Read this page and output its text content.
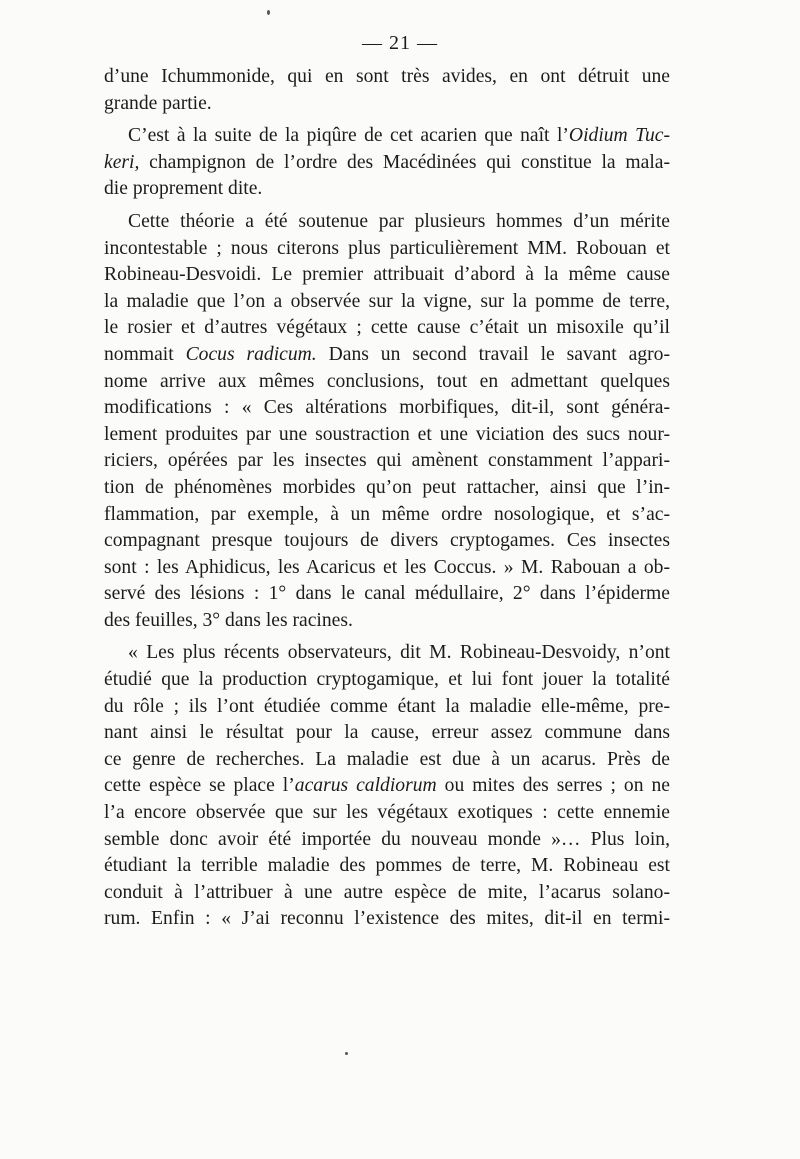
— 21 —

d’une Ichummonide, qui en sont très avides, en ont détruit une
grande partie.

C’est à la suite de la piqûre de cet acarien que naît l’Oidium Tuc-
keri, champignon de l’ordre des Macédinées qui constitue la mala-
die proprement dite.

Cette théorie a été soutenue par plusieurs hommes d’un mérite
incontestable ; nous citerons plus particulièrement MM. Robouan et
Robineau-Desvoidi. Le premier attribuait d’abord à la même cause
la maladie que l’on a observée sur la vigne, sur la pomme de terre,
le rosier et d’autres végétaux ; cette cause c’était un misoxile qu’il
nommait Cocus radicum. Dans un second travail le savant agro-
nome arrive aux mêmes conclusions, tout en admettant quelques
modifications : « Ces altérations morbifiques, dit-il, sont généra-
lement produites par une soustraction et une viciation des sucs nour-
riciers, opérées par les insectes qui amènent constamment l’appari-
tion de phénomènes morbides qu’on peut rattacher, ainsi que l’in-
flammation, par exemple, à un même ordre nosologique, et s’ac-
compagnant presque toujours de divers cryptogames. Ces insectes
sont : les Aphidicus, les Acaricus et les Coccus. » M. Rabouan a ob-
servé des lésions : 1° dans le canal médullaire, 2° dans l’épiderme
des feuilles, 3° dans les racines.

« Les plus récents observateurs, dit M. Robineau-Desvoidy, n’ont
étudié que la production cryptogamique, et lui font jouer la totalité
du rôle ; ils l’ont étudiée comme étant la maladie elle-même, pre-
nant ainsi le résultat pour la cause, erreur assez commune dans
ce genre de recherches. La maladie est due à un acarus. Près de
cette espèce se place l’acarus caldiorum ou mites des serres ; on ne
l’a encore observée que sur les végétaux exotiques : cette ennemie
semble donc avoir été importée du nouveau monde »… Plus loin,
étudiant la terrible maladie des pommes de terre, M. Robineau est
conduit à l’attribuer à une autre espèce de mite, l’acarus solano-
rum. Enfin : « J’ai reconnu l’existence des mites, dit-il en termi-
